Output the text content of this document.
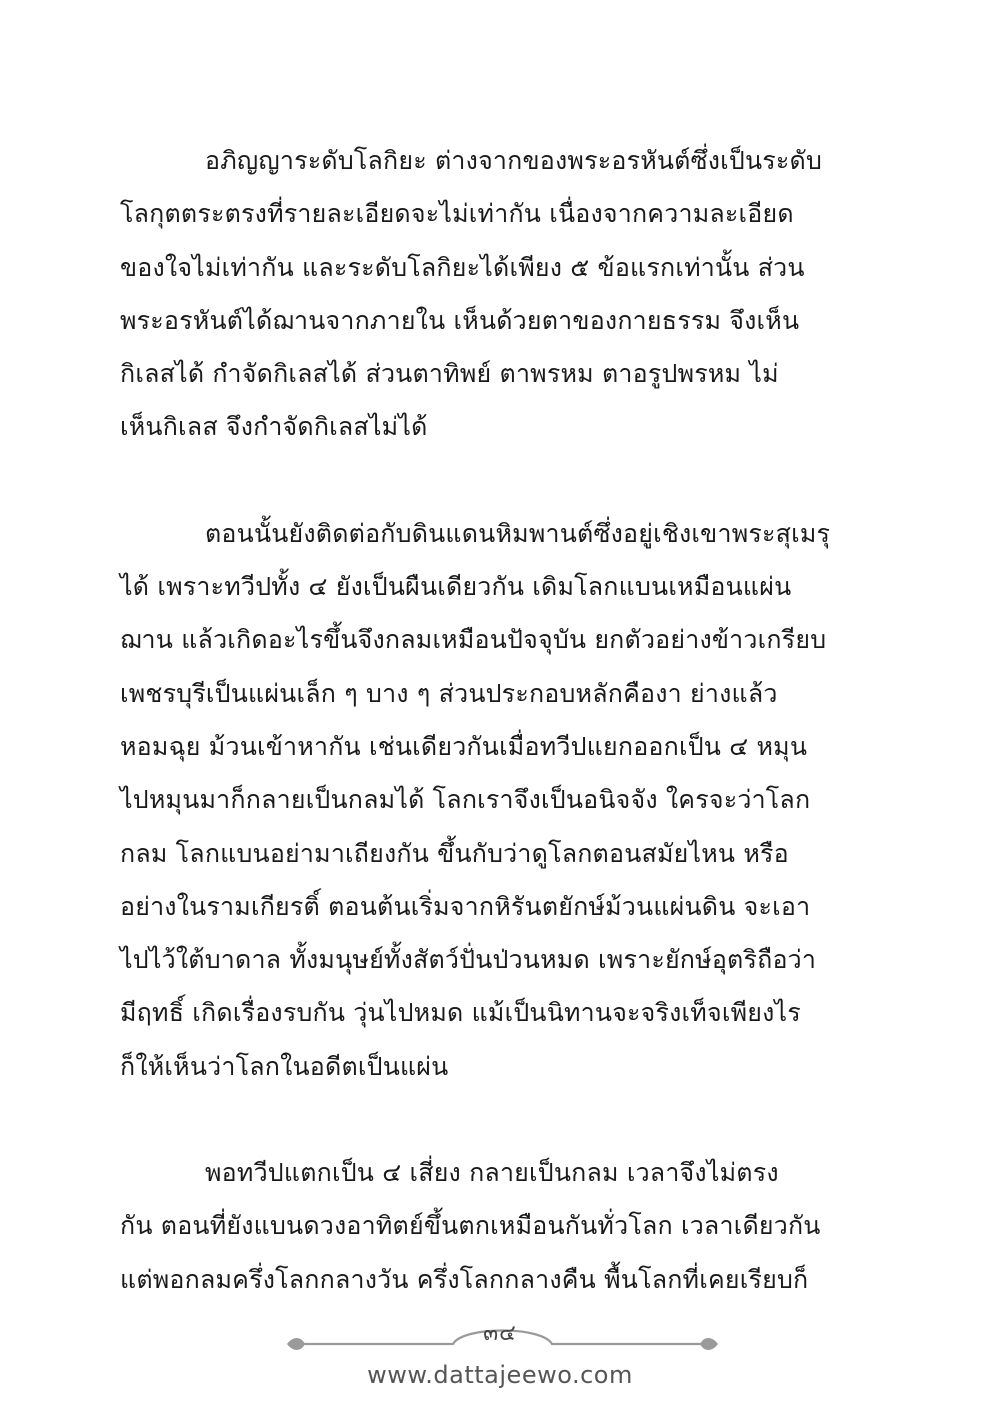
อภิญญาระดับโลกิยะ ต่างจากของพระอรหันต์ซึ่งเป็นระดับ
โลกุตตระตรงที่รายละเอียดจะไม่เท่ากัน เนื่องจากความละเอียด
ของใจไม่เท่ากัน และระดับโลกิยะได้เพียง ๕ ข้อแรกเท่านั้น ส่วน
พระอรหันต์ได้ฌานจากภายใน เห็นด้วยตาของกายธรรม จึงเห็น
กิเลสได้ กำจัดกิเลสได้ ส่วนตาทิพย์ ตาพรหม ตาอรูปพรหม ไม่
เห็นกิเลส จึงกำจัดกิเลสไม่ได้

ตอนนั้นยังติดต่อกับดินแดนหิมพานต์ซึ่งอยู่เชิงเขาพระสุเมรุ
ได้ เพราะทวีปทั้ง ๔ ยังเป็นผืนเดียวกัน เดิมโลกแบนเหมือนแผ่น
ฌาน แล้วเกิดอะไรขึ้นจึงกลมเหมือนปัจจุบัน ยกตัวอย่างข้าวเกรียบ
เพชรบุรีเป็นแผ่นเล็ก ๆ บาง ๆ ส่วนประกอบหลักคืองา ย่างแล้ว
หอมฉุย ม้วนเข้าหากัน เช่นเดียวกันเมื่อทวีปแยกออกเป็น ๔ หมุน
ไปหมุนมาก็กลายเป็นกลมได้ โลกเราจึงเป็นอนิจจัง ใครจะว่าโลก
กลม โลกแบนอย่ามาเถียงกัน ขึ้นกับว่าดูโลกตอนสมัยไหน หรือ
อย่างในรามเกียรติ์ ตอนต้นเริ่มจากหิรันตยักษ์ม้วนแผ่นดิน จะเอา
ไปไว้ใต้บาดาล ทั้งมนุษย์ทั้งสัตว์ปั่นป่วนหมด เพราะยักษ์อุตริถือว่า
มีฤทธิ์ เกิดเรื่องรบกัน วุ่นไปหมด แม้เป็นนิทานจะจริงเท็จเพียงไร
ก็ให้เห็นว่าโลกในอดีตเป็นแผ่น

พอทวีปแตกเป็น ๔ เสี่ยง กลายเป็นกลม เวลาจึงไม่ตรง
กัน ตอนที่ยังแบนดวงอาทิตย์ขึ้นตกเหมือนกันทั่วโลก เวลาเดียวกัน
แต่พอกลมครึ่งโลกกลางวัน ครึ่งโลกกลางคืน พื้นโลกที่เคยเรียบก็

๓๔
www.dattajeewo.com
